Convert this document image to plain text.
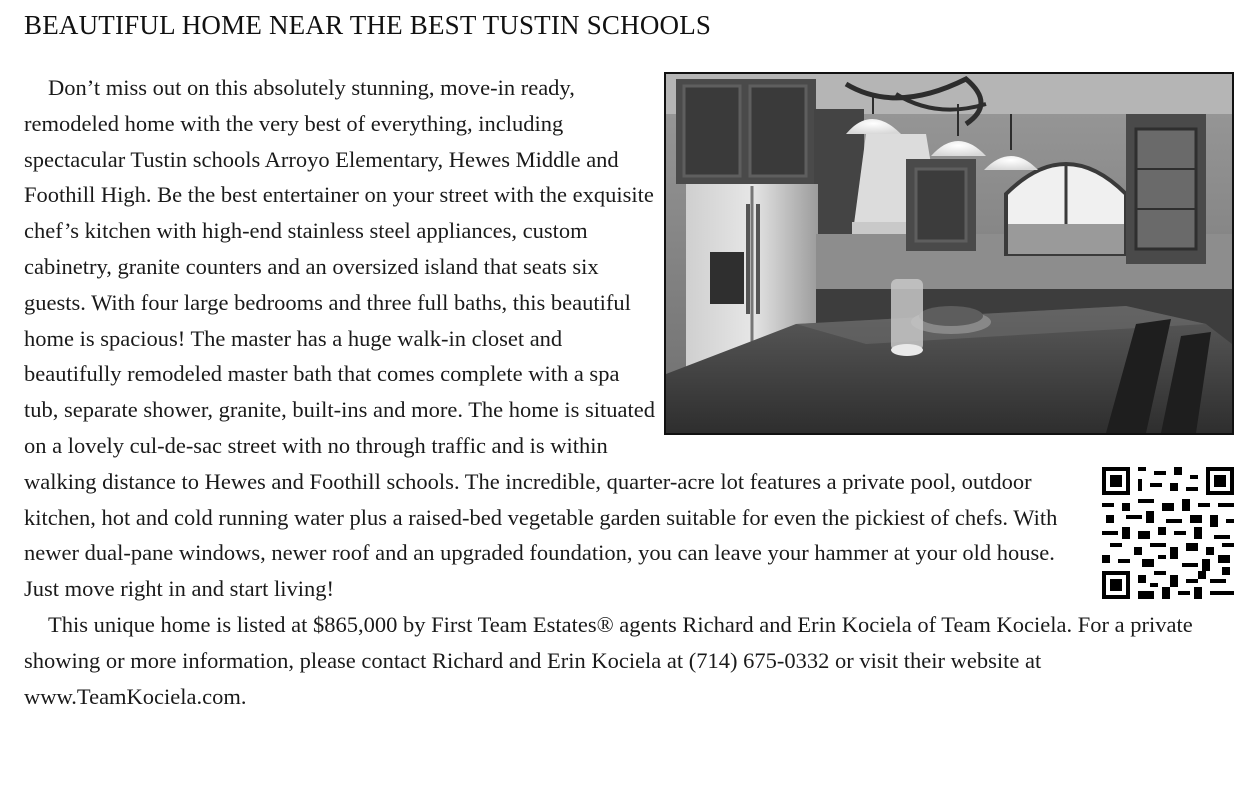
BEAUTIFUL HOME NEAR THE BEST TUSTIN SCHOOLS

Don’t miss out on this absolutely stunning, move-in ready, remodeled home with the very best of everything, including spectacular Tustin schools Arroyo Elementary, Hewes Middle and Foothill High. Be the best entertainer on your street with the exquisite chef’s kitchen with high-end stainless steel appliances, custom cabinetry, granite counters and an oversized island that seats six guests. With four large bedrooms and three full baths, this beautiful home is spacious! The master has a huge walk-in closet and beautifully remodeled master bath that comes complete with a spa tub, separate shower, granite, built-ins and more. The home is situated on a lovely cul-de-sac street with no through traffic and is within walking distance to Hewes and Foothill schools. The incredible, quarter-acre lot features a private pool, outdoor kitchen, hot and cold running water plus a raised-bed vegetable garden suitable for even the pickiest of chefs. With newer dual-pane windows, newer roof and an upgraded foundation, you can leave your hammer at your old house. Just move right in and start living!

This unique home is listed at $865,000 by First Team Estates® agents Richard and Erin Kociela of Team Kociela. For a private showing or more information, please contact Richard and Erin Kociela at (714) 675-0332 or visit their website at www.TeamKociela.com.
